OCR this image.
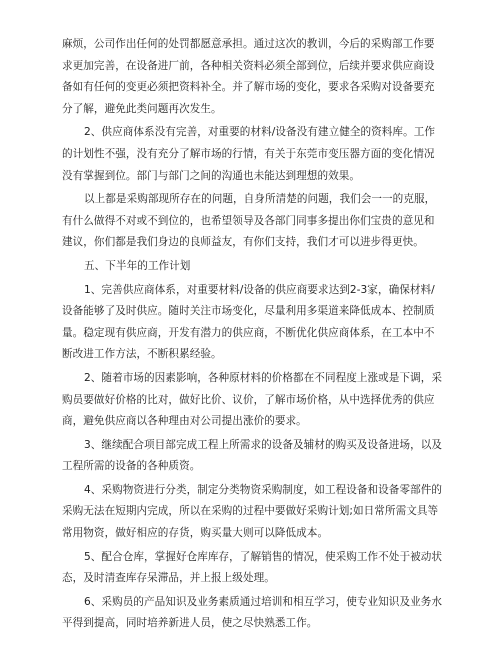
麻烦，公司作出任何的处罚都愿意承担。通过这次的教训，今后的采购部工作要
求更加完善，在设备进厂前，各种相关资料必须全部到位，后续并要求供应商设
备如有任何的变更必须把资料补全。并了解市场的变化，要求各采购对设备要充
分了解，避免此类问题再次发生。
2、供应商体系没有完善，对重要的材料/设备没有建立健全的资料库。工作
的计划性不强，没有充分了解市场的行情，有关于东莞市变压器方面的变化情况
没有掌握到位。部门与部门之间的沟通也未能达到理想的效果。
以上都是采购部现所存在的问题，自身所清楚的问题，我们会一一的克服，
有什么做得不对或不到位的，也希望领导及各部门同事多提出你们宝贵的意见和
建议，你们都是我们身边的良师益友，有你们支持，我们才可以进步得更快。
五、下半年的工作计划
1、完善供应商体系，对重要材料/设备的供应商要求达到2-3家，确保材料/
设备能够了及时供应。随时关注市场变化，尽量利用多渠道来降低成本、控制质
量。稳定现有供应商，开发有潜力的供应商，不断优化供应商体系，在工本中不
断改进工作方法，不断积累经验。
2、随着市场的因素影响，各种原材料的价格都在不同程度上涨或是下调，采
购员要做好价格的比对，做好比价、议价，了解市场价格，从中选择优秀的供应
商，避免供应商以各种理由对公司提出涨价的要求。
3、继续配合项目部完成工程上所需求的设备及辅材的购买及设备进场，以及
工程所需的设备的各种质资。
4、采购物资进行分类，制定分类物资采购制度，如工程设备和设备零部件的
采购无法在短期内完成，所以在采购的过程中要做好采购计划;如日常所需文具等
常用物资，做好相应的存货，购买量大则可以降低成本。
5、配合仓库，掌握好仓库库存，了解销售的情况，使采购工作不处于被动状
态，及时清查库存呆滞品，并上报上级处理。
6、采购员的产品知识及业务素质通过培训和相互学习，使专业知识及业务水
平得到提高，同时培养新进人员，使之尽快熟悉工作。
